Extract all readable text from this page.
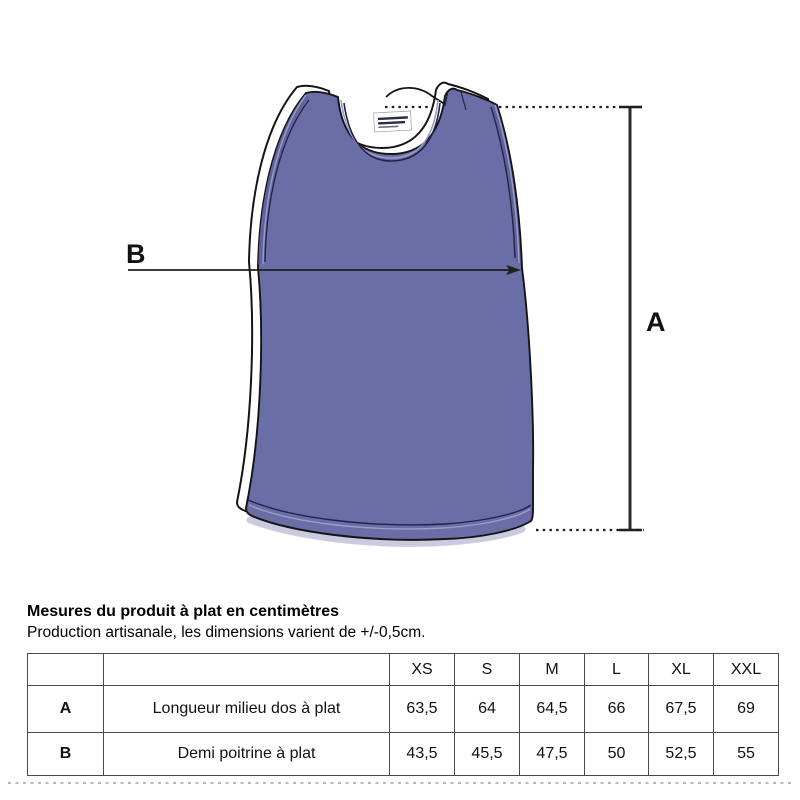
B
A
Mesures du produit à plat en centimètres
Production artisanale, les dimensions varient de +/-0,5cm.
		XS	S	M	L	XL	XXL
A	Longueur milieu dos à plat	63,5	64	64,5	66	67,5	69
B	Demi poitrine à plat	43,5	45,5	47,5	50	52,5	55
